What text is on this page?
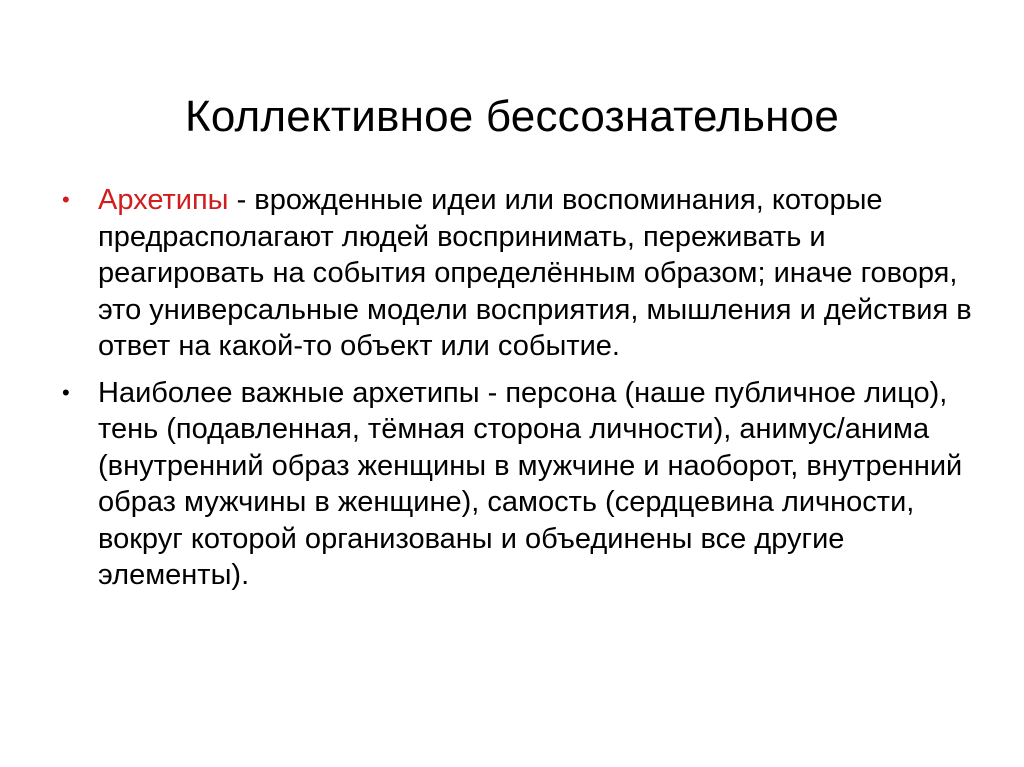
Коллективное бессознательное
• Архетипы - врожденные идеи или воспоминания, которые предрасполагают людей воспринимать, переживать и реагировать на события определённым образом; иначе говоря, это универсальные модели восприятия, мышления и действия в ответ на какой-то объект или событие.
• Наиболее важные архетипы - персона (наше публичное лицо), тень (подавленная, тёмная сторона личности), анимус/анима (внутренний образ женщины в мужчине и наоборот, внутренний образ мужчины в женщине), самость (сердцевина личности, вокруг которой организованы и объединены все другие элементы).
